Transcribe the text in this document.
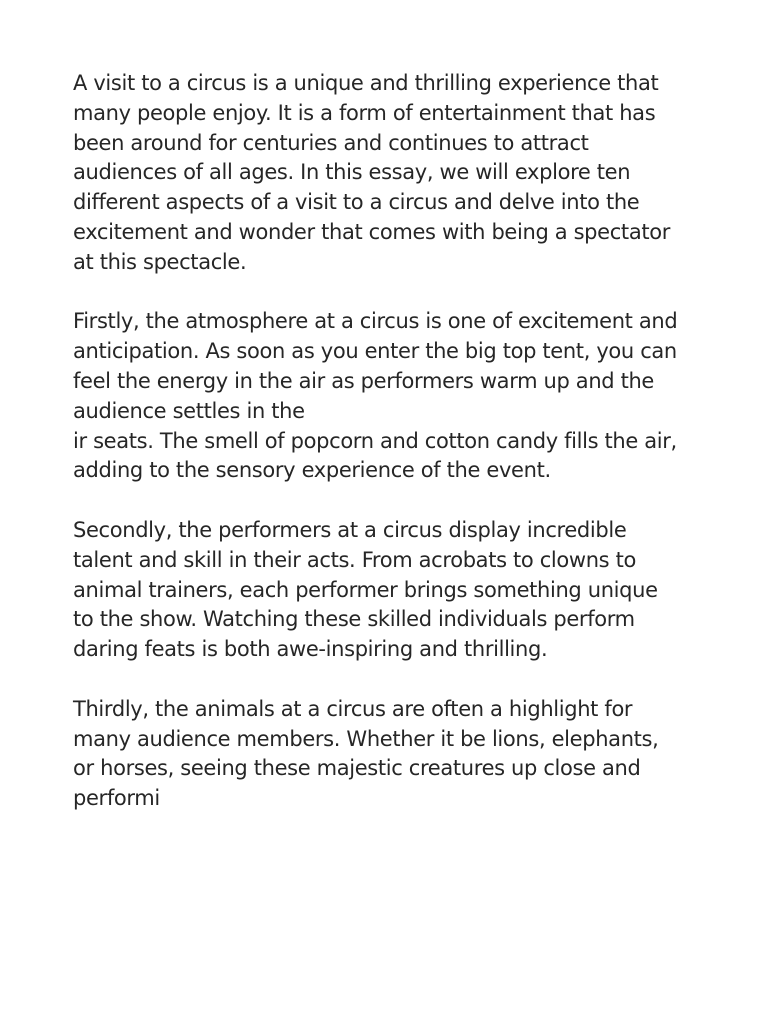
A visit to a circus is a unique and thrilling experience that
many people enjoy. It is a form of entertainment that has
been around for centuries and continues to attract
audiences of all ages. In this essay, we will explore ten
different aspects of a visit to a circus and delve into the
excitement and wonder that comes with being a spectator
at this spectacle.

Firstly, the atmosphere at a circus is one of excitement and
anticipation. As soon as you enter the big top tent, you can
feel the energy in the air as performers warm up and the
audience settles in the
ir seats. The smell of popcorn and cotton candy fills the air,
adding to the sensory experience of the event.

Secondly, the performers at a circus display incredible
talent and skill in their acts. From acrobats to clowns to
animal trainers, each performer brings something unique
to the show. Watching these skilled individuals perform
daring feats is both awe-inspiring and thrilling.

Thirdly, the animals at a circus are often a highlight for
many audience members. Whether it be lions, elephants,
or horses, seeing these majestic creatures up close and
performi
